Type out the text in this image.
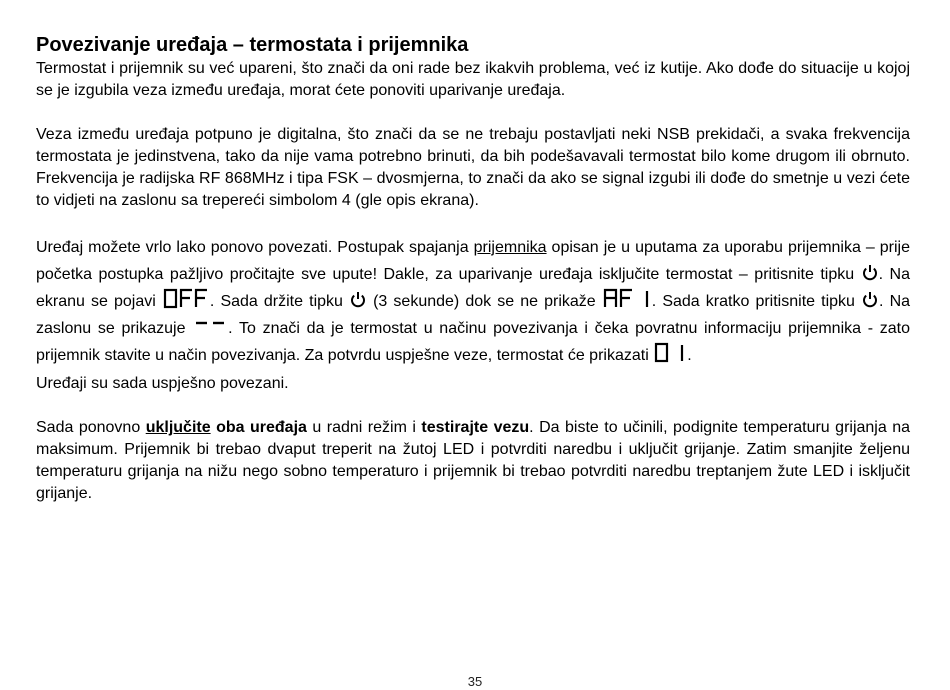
Povezivanje uređaja – termostata i prijemnika

Termostat i prijemnik su već upareni, što znači da oni rade bez ikakvih problema, već iz kutije. Ako dođe do situacije u kojoj se je izgubila veza između uređaja, morat ćete ponoviti uparivanje uređaja.

Veza između uređaja potpuno je digitalna, što znači da se ne trebaju postavljati neki NSB prekidači, a svaka frekvencija termostata je jedinstvena, tako da nije vama potrebno brinuti, da bih podešavavali termostat bilo kome drugom ili obrnuto. Frekvencija je radijska RF 868MHz i tipa FSK – dvosmjerna, to znači da ako se signal izgubi ili dođe do smetnje u vezi ćete to vidjeti na zaslonu sa trepereći simbolom 4 (gle opis ekrana).

Uređaj možete vrlo lako ponovo povezati. Postupak spajanja prijemnika opisan je u uputama za uporabu prijemnika – prije početka postupka pažljivo pročitajte sve upute! Dakle, za uparivanje uređaja isključite termostat – pritisnite tipku . Na ekranu se pojavi	. Sada držite tipku  (3 sekunde) dok se ne prikaže	. Sada kratko pritisnite tipku . Na zaslonu se prikazuje . To znači da je termostat u načinu povezivanja i čeka povratnu informaciju prijemnika - zato prijemnik stavite u način povezivanja. Za potvrdu uspješne veze, termostat će prikazati .

Uređaji su sada uspješno povezani.

Sada ponovno uključite oba uređaja u radni režim i testirajte vezu. Da biste to učinili, podignite temperaturu grijanja na maksimum. Prijemnik bi trebao dvaput treperit na žutoj LED i potvrditi naredbu i uključit grijanje. Zatim smanjite željenu temperaturu grijanja na nižu nego sobno temperaturo i prijemnik bi trebao potvrditi naredbu treptanjem žute LED i isključit grijanje.

35
